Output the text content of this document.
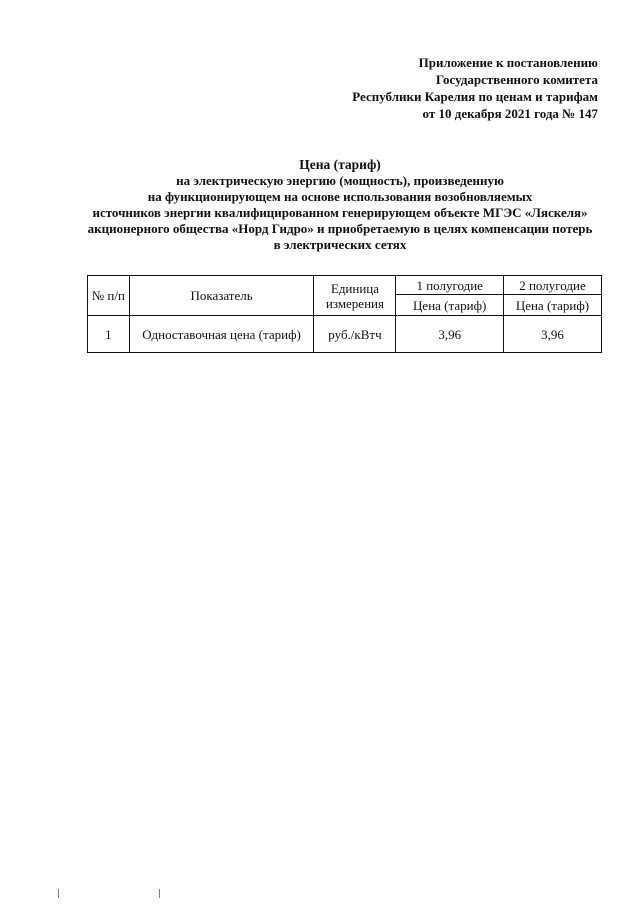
Приложение к постановлению
Государственного комитета
Республики Карелия по ценам и тарифам
от 10 декабря 2021 года № 147
Цена (тариф)
на электрическую энергию (мощность), произведенную
на функционирующем на основе использования возобновляемых
источников энергии квалифицированном генерирующем объекте МГЭС «Ляскеля»
акционерного общества «Норд Гидро» и приобретаемую в целях компенсации потерь
в электрических сетях
№ п/п	Показатель	Единица измерения	1 полугодие	2 полугодие
			Цена (тариф)	Цена (тариф)
1	Одноставочная цена (тариф)	руб./кВтч	3,96	3,96
|	|
